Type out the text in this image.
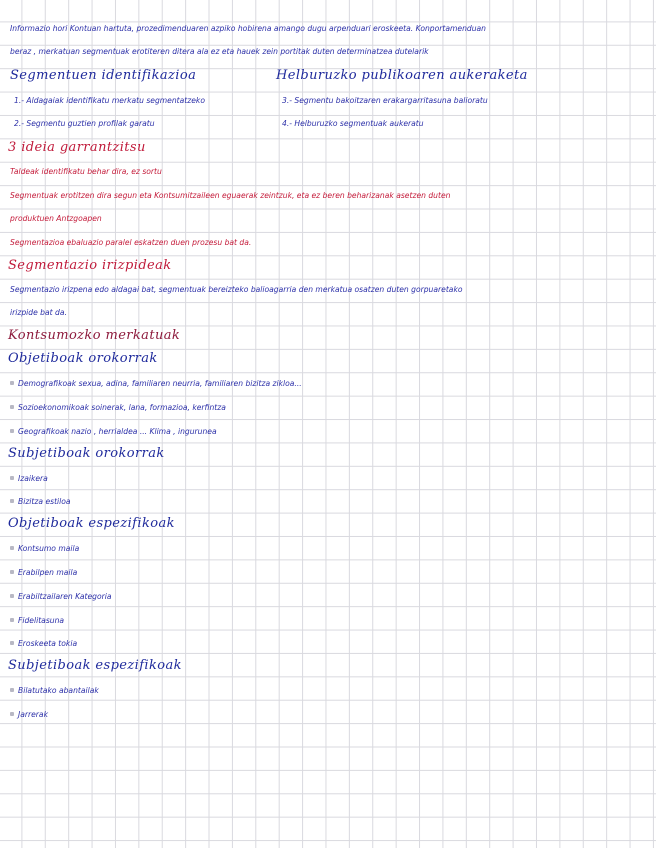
Informazio hori Kontuan hartuta, prozedimenduaren azpiko hobirena amango dugu arpenduari eroskeeta. Konportamenduan
beraz , merkatuan segmentuak erotiteren ditera ala ez eta hauek zein portitak duten determinatzea dutelarik
Segmentuen identifikazioa	Helburuzko publikoaren aukeraketa
1.- Aldagaiak identifikatu merkatu segmentatzeko	3.- Segmentu bakoitzaren erakargarritasuna balioratu
2.- Segmentu guztien profilak garatu	4.- Helburuzko segmentuak aukeratu
3 ideia garrantzitsu
Taldeak identifikatu behar dira, ez sortu
Segmentuak erotitzen dira segun eta Kontsumitzaileen eguaerak zeintzuk, eta ez beren beharizanak asetzen duten
produktuen Antzgoapen
Segmentazioa ebaluazio paralel eskatzen duen prozesu bat da.
Segmentazio irizpideak
Segmentazio irizpena edo aldagai bat, segmentuak bereizteko balioagarria den merkatua osatzen duten gorpuaretako
irizpide bat da.
Kontsumozko merkatuak
Objetiboak orokorrak
Demografikoak sexua, adina, familiaren neurria, familiaren bizitza zikloa...
Sozioekonomikoak soinerak, lana, formazioa, kerfintza
Geografikoak nazio , herrialdea ... Klima , ingurunea
Subjetiboak orokorrak
Izaikera
Bizitza estiloa
Objetiboak espezifikoak
Kontsumo maila
Erabilpen maila
Erabiltzailaren Kategoria
Fidelitasuna
Eroskeeta tokia
Subjetiboak espezifikoak
Bilatutako abantailak
Jarrerak
